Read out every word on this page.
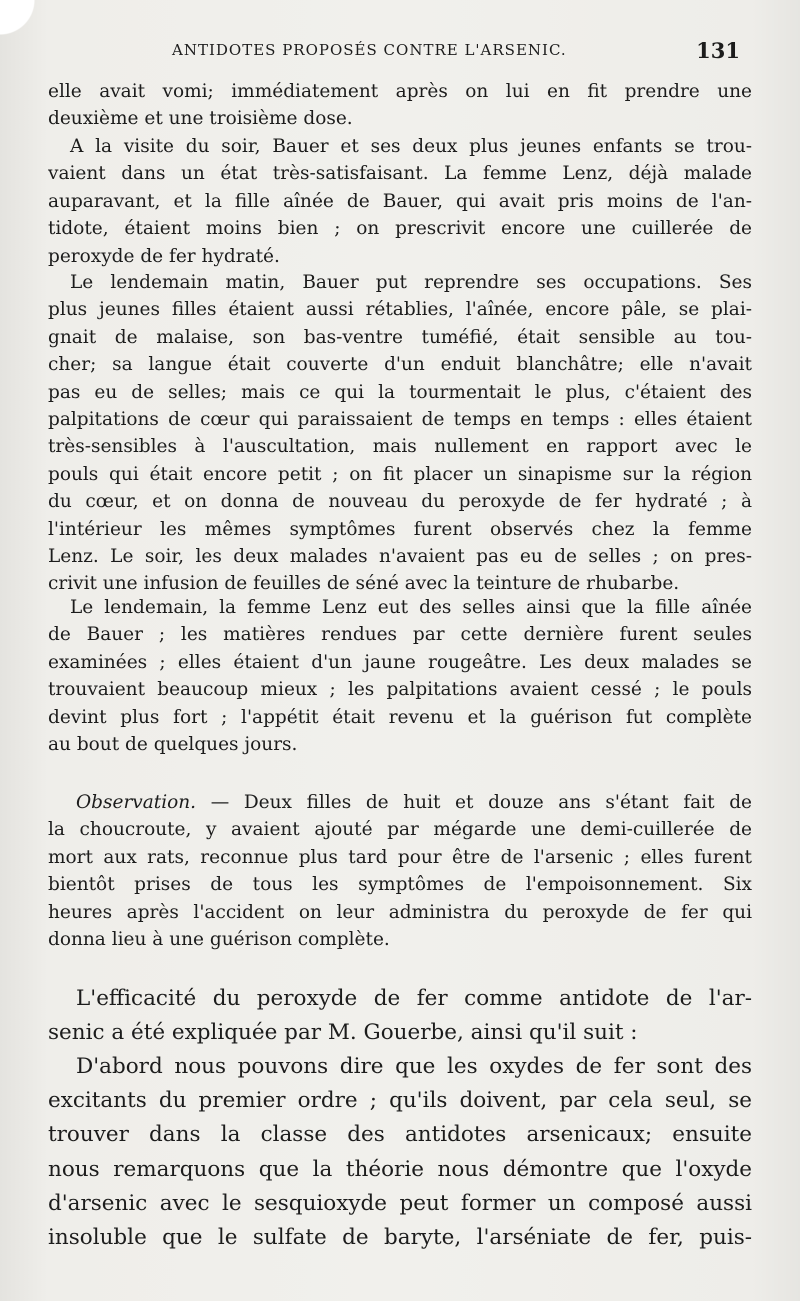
ANTIDOTES PROPOSÉS CONTRE L'ARSENIC.	131
elle avait vomi; immédiatement après on lui en fit prendre une
deuxième et une troisième dose.
A la visite du soir, Bauer et ses deux plus jeunes enfants se trou-
vaient dans un état très-satisfaisant. La femme Lenz, déjà malade
auparavant, et la fille aînée de Bauer, qui avait pris moins de l'an-
tidote, étaient moins bien ; on prescrivit encore une cuillerée de
peroxyde de fer hydraté.
Le lendemain matin, Bauer put reprendre ses occupations. Ses
plus jeunes filles étaient aussi rétablies, l'aînée, encore pâle, se plai-
gnait de malaise, son bas-ventre tuméfié, était sensible au tou-
cher; sa langue était couverte d'un enduit blanchâtre; elle n'avait
pas eu de selles; mais ce qui la tourmentait le plus, c'étaient des
palpitations de cœur qui paraissaient de temps en temps : elles étaient
très-sensibles à l'auscultation, mais nullement en rapport avec le
pouls qui était encore petit ; on fit placer un sinapisme sur la région
du cœur, et on donna de nouveau du peroxyde de fer hydraté ; à
l'intérieur les mêmes symptômes furent observés chez la femme
Lenz. Le soir, les deux malades n'avaient pas eu de selles ; on pres-
crivit une infusion de feuilles de séné avec la teinture de rhubarbe.
Le lendemain, la femme Lenz eut des selles ainsi que la fille aînée
de Bauer ; les matières rendues par cette dernière furent seules
examinées ; elles étaient d'un jaune rougeâtre. Les deux malades se
trouvaient beaucoup mieux ; les palpitations avaient cessé ; le pouls
devint plus fort ; l'appétit était revenu et la guérison fut complète
au bout de quelques jours.
Observation. — Deux filles de huit et douze ans s'étant fait de
la choucroute, y avaient ajouté par mégarde une demi-cuillerée de
mort aux rats, reconnue plus tard pour être de l'arsenic ; elles furent
bientôt prises de tous les symptômes de l'empoisonnement. Six
heures après l'accident on leur administra du peroxyde de fer qui
donna lieu à une guérison complète.
L'efficacité du peroxyde de fer comme antidote de l'ar-
senic a été expliquée par M. Gouerbe, ainsi qu'il suit :
D'abord nous pouvons dire que les oxydes de fer sont des
excitants du premier ordre ; qu'ils doivent, par cela seul, se
trouver dans la classe des antidotes arsenicaux; ensuite
nous remarquons que la théorie nous démontre que l'oxyde
d'arsenic avec le sesquioxyde peut former un composé aussi
insoluble que le sulfate de baryte, l'arséniate de fer, puis-
